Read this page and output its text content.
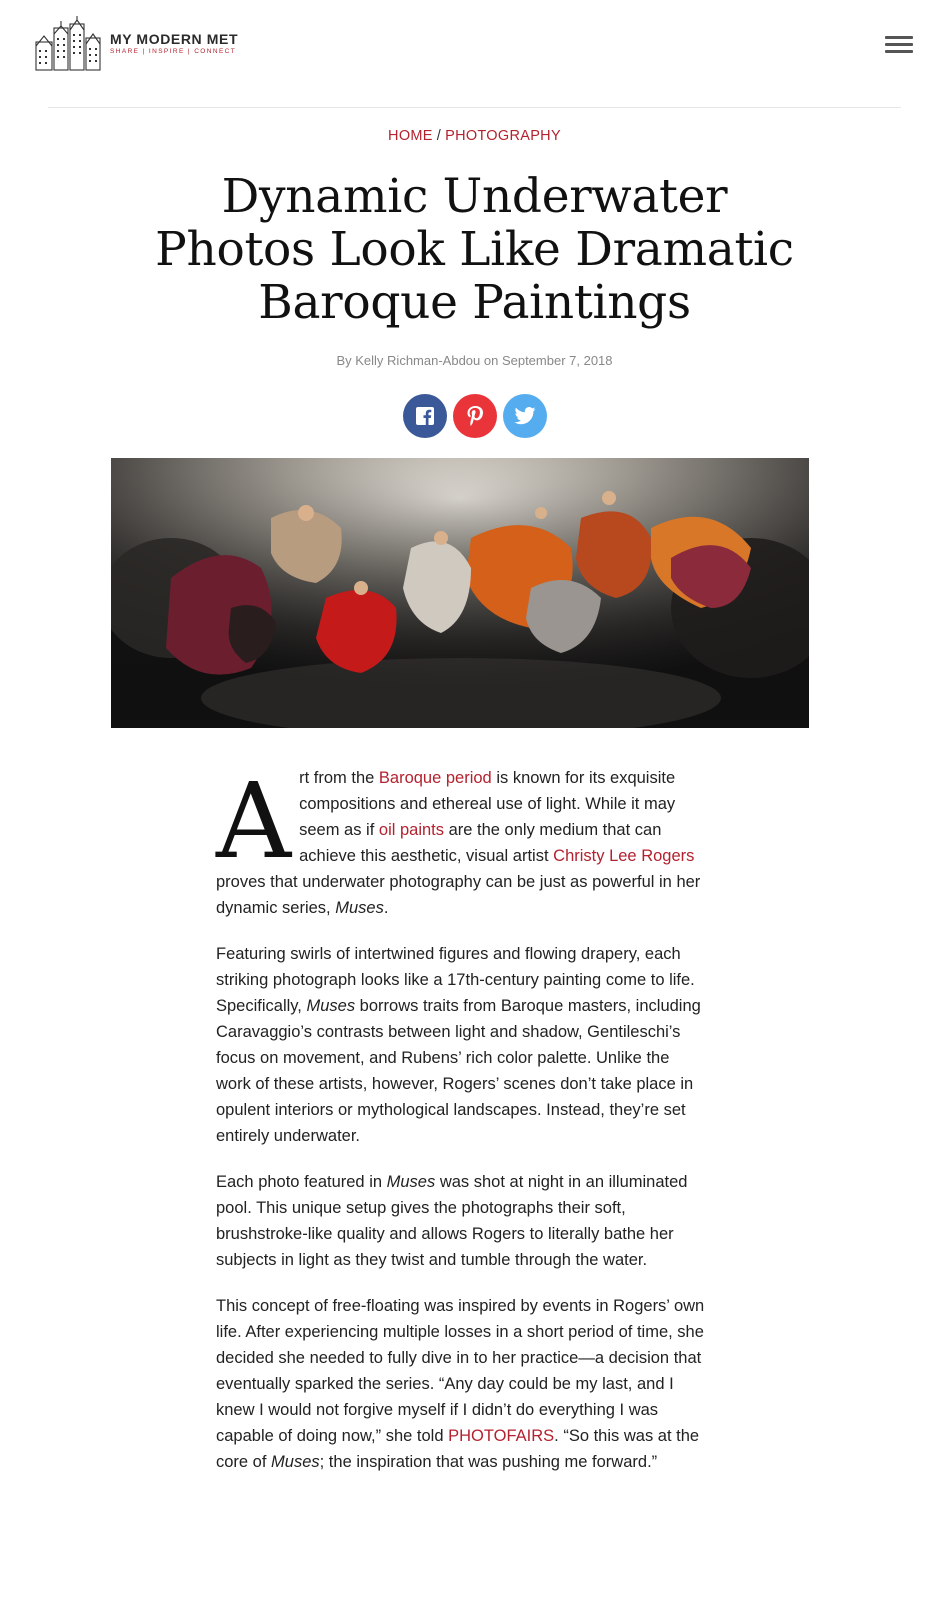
MY MODERN MET
SHARE | INSPIRE | CONNECT
HOME / PHOTOGRAPHY
Dynamic Underwater Photos Look Like Dramatic Baroque Paintings
By Kelly Richman-Abdou on September 7, 2018

Art from the Baroque period is known for its exquisite compositions and ethereal use of light. While it may seem as if oil paints are the only medium that can achieve this aesthetic, visual artist Christy Lee Rogers proves that underwater photography can be just as powerful in her dynamic series, Muses.

Featuring swirls of intertwined figures and flowing drapery, each striking photograph looks like a 17th-century painting come to life. Specifically, Muses borrows traits from Baroque masters, including Caravaggio’s contrasts between light and shadow, Gentileschi’s focus on movement, and Rubens’ rich color palette. Unlike the work of these artists, however, Rogers’ scenes don’t take place in opulent interiors or mythological landscapes. Instead, they’re set entirely underwater.

Each photo featured in Muses was shot at night in an illuminated pool. This unique setup gives the photographs their soft, brushstroke-like quality and allows Rogers to literally bathe her subjects in light as they twist and tumble through the water.

This concept of free-floating was inspired by events in Rogers’ own life. After experiencing multiple losses in a short period of time, she decided she needed to fully dive in to her practice—a decision that eventually sparked the series. “Any day could be my last, and I knew I would not forgive myself if I didn’t do everything I was capable of doing now,” she told PHOTOFAIRS. “So this was at the core of Muses; the inspiration that was pushing me forward.”
